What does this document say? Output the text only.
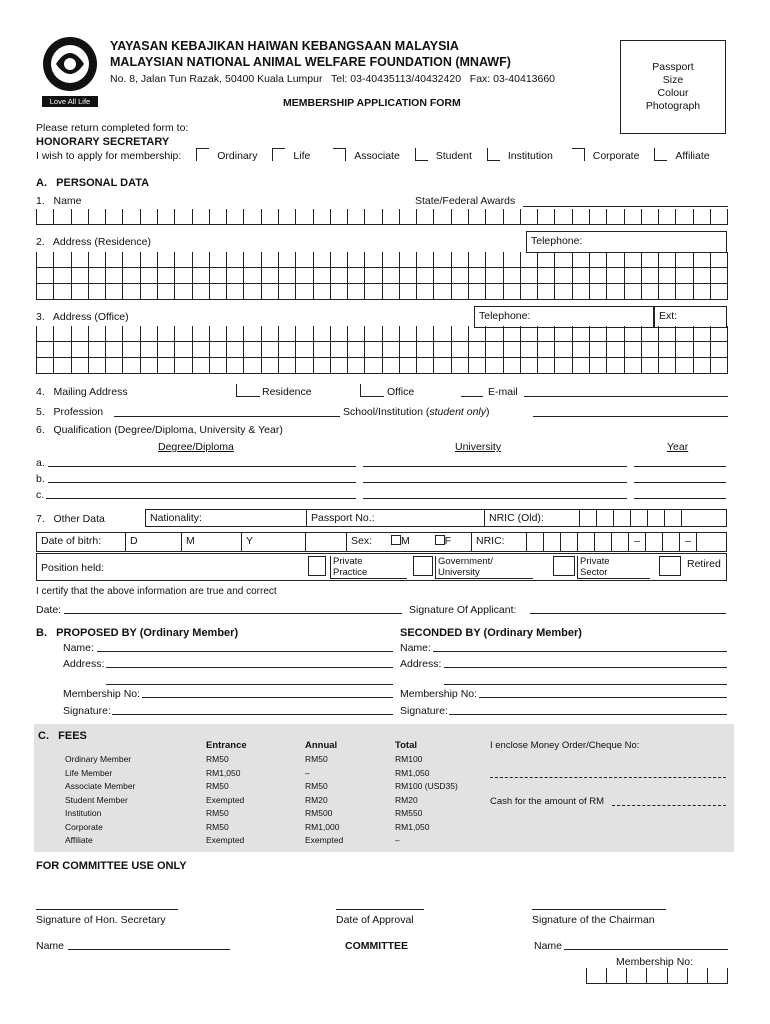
Love All Life
YAYASAN KEBAJIKAN HAIWAN KEBANGSAAN MALAYSIA
MALAYSIAN NATIONAL ANIMAL WELFARE FOUNDATION (MNAWF)
No. 8, Jalan Tun Razak, 50400 Kuala Lumpur   Tel: 03-40435113/40432420   Fax: 03-40413660
MEMBERSHIP APPLICATION FORM
Passport
Size
Colour
Photograph
Please return completed form to:
HONORARY SECRETARY
I wish to apply for membership:	Ordinary	Life	Associate	Student	Institution	Corporate	Affiliate
A.   PERSONAL DATA
1.   Name	State/Federal Awards
2.   Address (Residence)	Telephone:
3.   Address (Office)	Telephone:	Ext:
4.   Mailing Address	Residence	Office	E-mail
5.   Profession	School/Institution (student only)
6.   Qualification (Degree/Diploma, University & Year)
Degree/Diploma	University	Year
a.
b.
c.
7.   Other Data	Nationality:	Passport No.:	NRIC (Old):
Date of bitrh:	D	M	Y	Sex:	M	F	NRIC:	–	–
Position held:
Private
Practice
Government/
University
Private
Sector
Retired
I certify that the above information are true and correct
Date:	Signature Of Applicant:
B.   PROPOSED BY (Ordinary Member)	SECONDED BY (Ordinary Member)
Name:
Address:
Membership No:
Signature:
Name:
Address:
Membership No:
Signature:
C.   FEES
Entrance	Annual	Total
Ordinary Member	RM50	RM50	RM100
Life Member	RM1,050	–	RM1,050
Associate Member	RM50	RM50	RM100 (USD35)
Student Member	Exempted	RM20	RM20
Institution	RM50	RM500	RM550
Corporate	RM50	RM1,000	RM1,050
Affiliate	Exempted	Exempted	–
I enclose Money Order/Cheque No:
Cash for the amount of RM
FOR COMMITTEE USE ONLY
Signature of Hon. Secretary	Date of Approval	Signature of the Chairman
Name	COMMITTEE	Name
Membership No:
